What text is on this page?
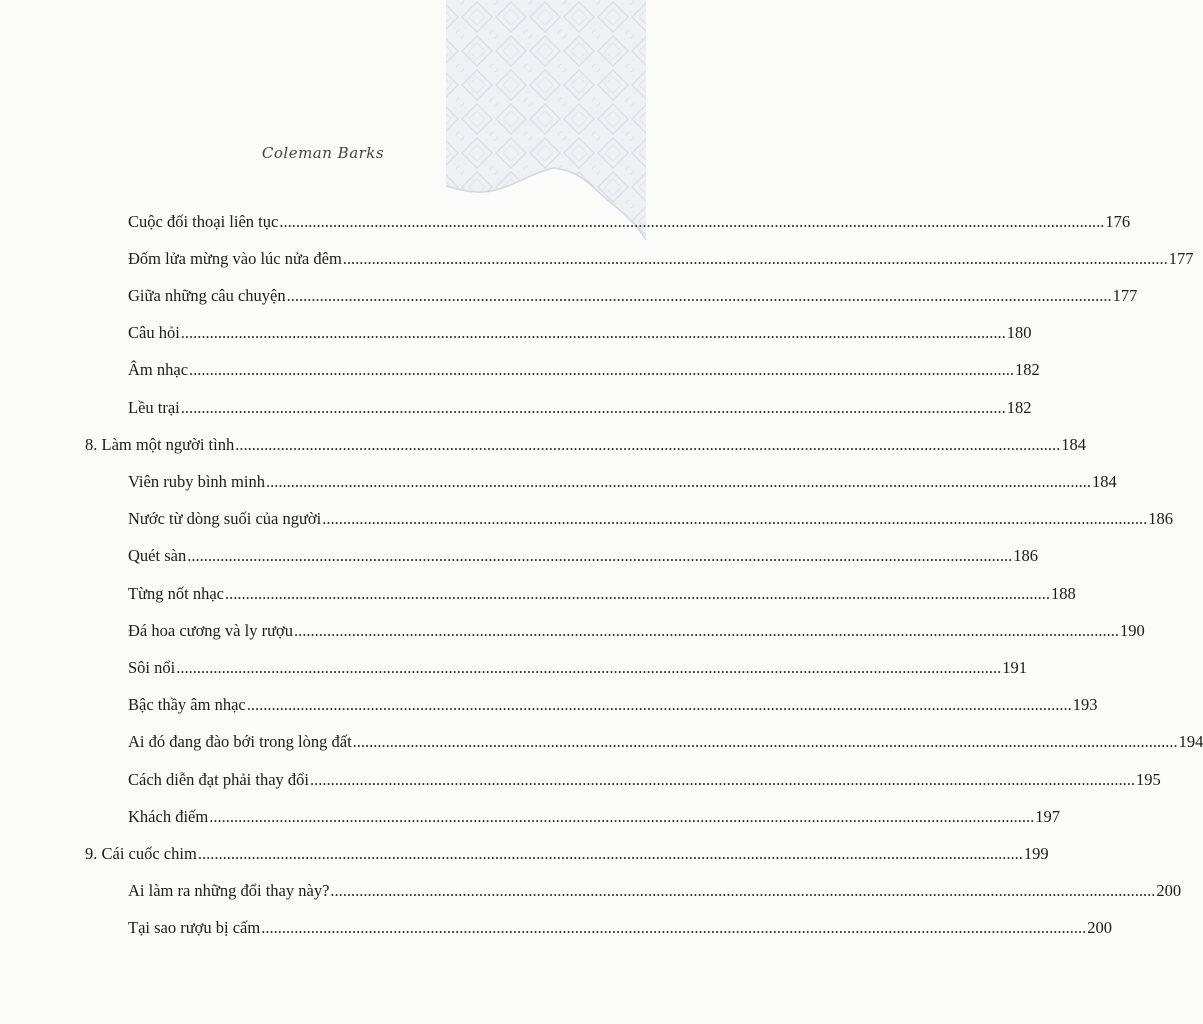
Coleman Barks
Cuộc đối thoại liên tục ........................................................................................................................................................................................................ 176
Đốm lửa mừng vào lúc nửa đêm ........................................................................................................................................................................................................ 177
Giữa những câu chuyện ........................................................................................................................................................................................................ 177
Câu hỏi ........................................................................................................................................................................................................ 180
Âm nhạc ........................................................................................................................................................................................................ 182
Lều trại ........................................................................................................................................................................................................ 182
8. Làm một người tình ........................................................................................................................................................................................................ 184
Viên ruby bình minh ........................................................................................................................................................................................................ 184
Nước từ dòng suối của người ........................................................................................................................................................................................................ 186
Quét sàn ........................................................................................................................................................................................................ 186
Từng nốt nhạc ........................................................................................................................................................................................................ 188
Đá hoa cương và ly rượu ........................................................................................................................................................................................................ 190
Sôi nổi ........................................................................................................................................................................................................ 191
Bậc thầy âm nhạc ........................................................................................................................................................................................................ 193
Ai đó đang đào bới trong lòng đất ........................................................................................................................................................................................................ 194
Cách diễn đạt phải thay đổi ........................................................................................................................................................................................................ 195
Khách điếm ........................................................................................................................................................................................................ 197
9. Cái cuốc chim ........................................................................................................................................................................................................ 199
Ai làm ra những đổi thay này? ........................................................................................................................................................................................................ 200
Tại sao rượu bị cấm ........................................................................................................................................................................................................ 200
